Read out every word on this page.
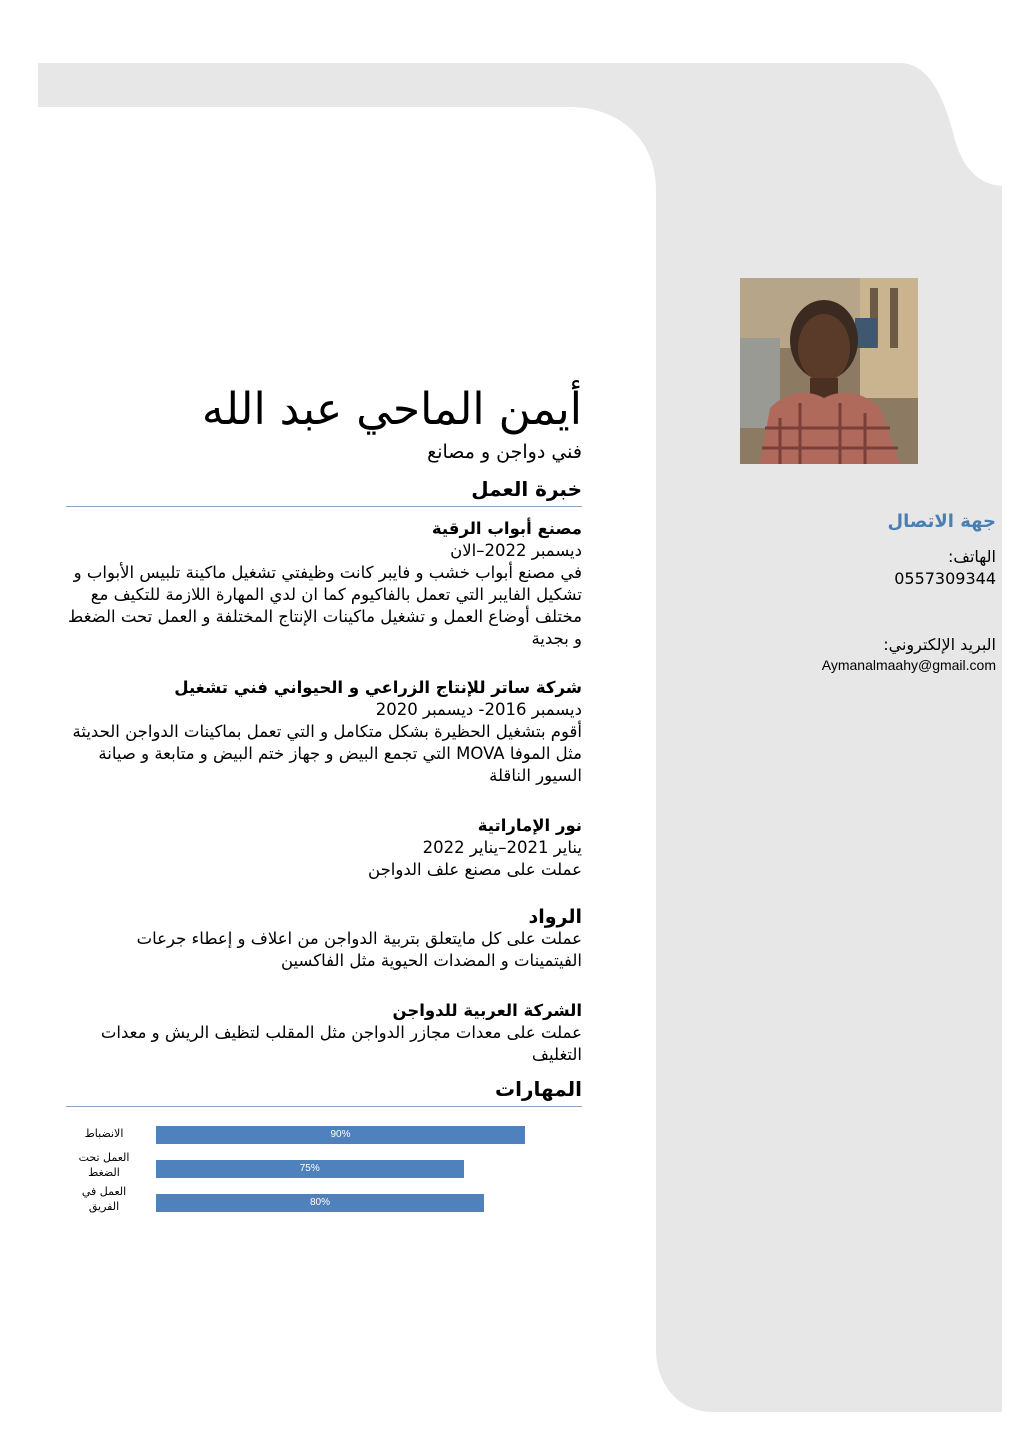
أيمن الماحي عبد الله
فني دواجن و مصانع
خبرة العمل
مصنع أبواب الرقية
ديسمبر 2022–الان
في مصنع أبواب خشب و فايبر كانت وظيفتي تشغيل ماكينة تلبيس الأبواب و تشكيل الفايبر التي تعمل بالفاكيوم كما ان لدي المهارة اللازمة للتكيف مع مختلف أوضاع العمل و تشغيل ماكينات الإنتاج المختلفة و العمل تحت الضغط و بجدية
شركة ساتر للإنتاج الزراعي و الحيواني فني تشغيل
ديسمبر 2016- ديسمبر 2020
أقوم بتشغيل الحظيرة بشكل متكامل و التي تعمل بماكينات الدواجن الحديثة مثل الموفا MOVA التي تجمع البيض و جهاز ختم البيض و متابعة و صيانة السيور الناقلة
نور الإماراتية
يناير 2021–يناير 2022
عملت على مصنع علف الدواجن
الرواد
عملت على كل مايتعلق بتربية الدواجن من اعلاف و إعطاء جرعات الفيتمينات و المضدات الحيوية مثل الفاكسين
الشركة العربية للدواجن
عملت على معدات مجازر الدواجن مثل المقلب لتظيف الريش و معدات التغليف
المهارات
الانضباط	90%
العمل تحت الضغط	75%
العمل في الفريق	80%
جهة الاتصال
الهاتف:
0557309344
البريد الإلكتروني:
Aymanalmaahy@gmail.com
